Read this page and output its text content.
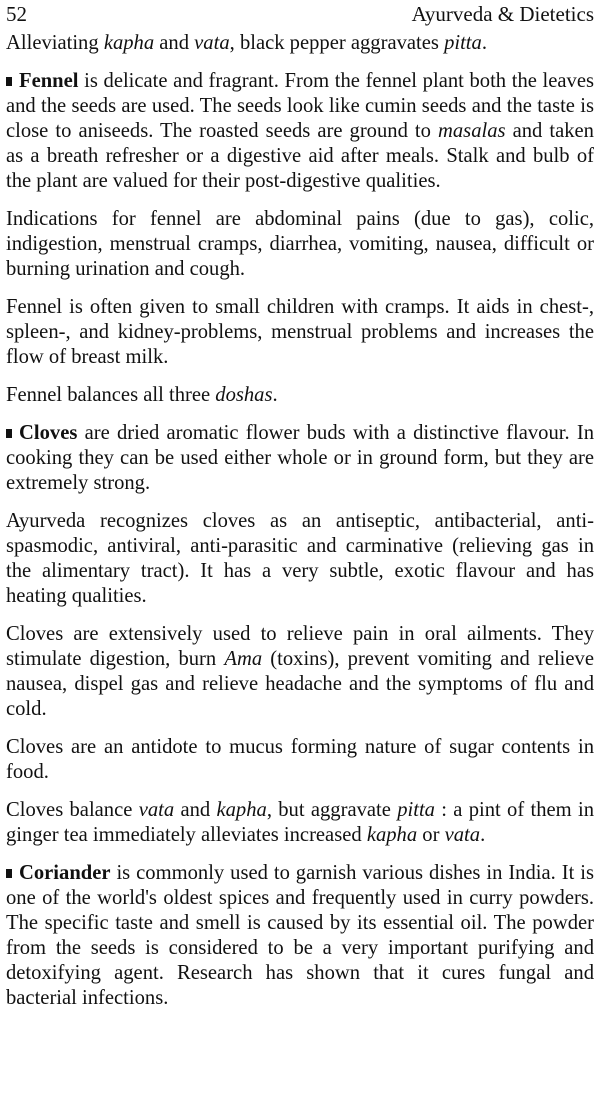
52	Ayurveda & Dietetics

Alleviating kapha and vata, black pepper aggravates pitta.

Fennel is delicate and fragrant. From the fennel plant both the leaves and the seeds are used. The seeds look like cumin seeds and the taste is close to aniseeds. The roasted seeds are ground to masalas and taken as a breath refresher or a digestive aid after meals. Stalk and bulb of the plant are valued for their post-digestive qualities.

Indications for fennel are abdominal pains (due to gas), colic, indigestion, menstrual cramps, diarrhea, vomiting, nausea, difficult or burning urination and cough.

Fennel is often given to small children with cramps. It aids in chest-, spleen-, and kidney-problems, menstrual problems and increases the flow of breast milk.

Fennel balances all three doshas.

Cloves are dried aromatic flower buds with a distinctive flavour. In cooking they can be used either whole or in ground form, but they are extremely strong.

Ayurveda recognizes cloves as an antiseptic, antibacterial, anti-spasmodic, antiviral, anti-parasitic and carminative (relieving gas in the alimentary tract). It has a very subtle, exotic flavour and has heating qualities.

Cloves are extensively used to relieve pain in oral ailments. They stimulate digestion, burn Ama (toxins), prevent vomiting and relieve nausea, dispel gas and relieve headache and the symptoms of flu and cold.

Cloves are an antidote to mucus forming nature of sugar contents in food.

Cloves balance vata and kapha, but aggravate pitta : a pint of them in ginger tea immediately alleviates increased kapha or vata.

Coriander is commonly used to garnish various dishes in India. It is one of the world's oldest spices and frequently used in curry powders. The specific taste and smell is caused by its essential oil. The powder from the seeds is considered to be a very important purifying and detoxifying agent. Research has shown that it cures fungal and bacterial infections.
